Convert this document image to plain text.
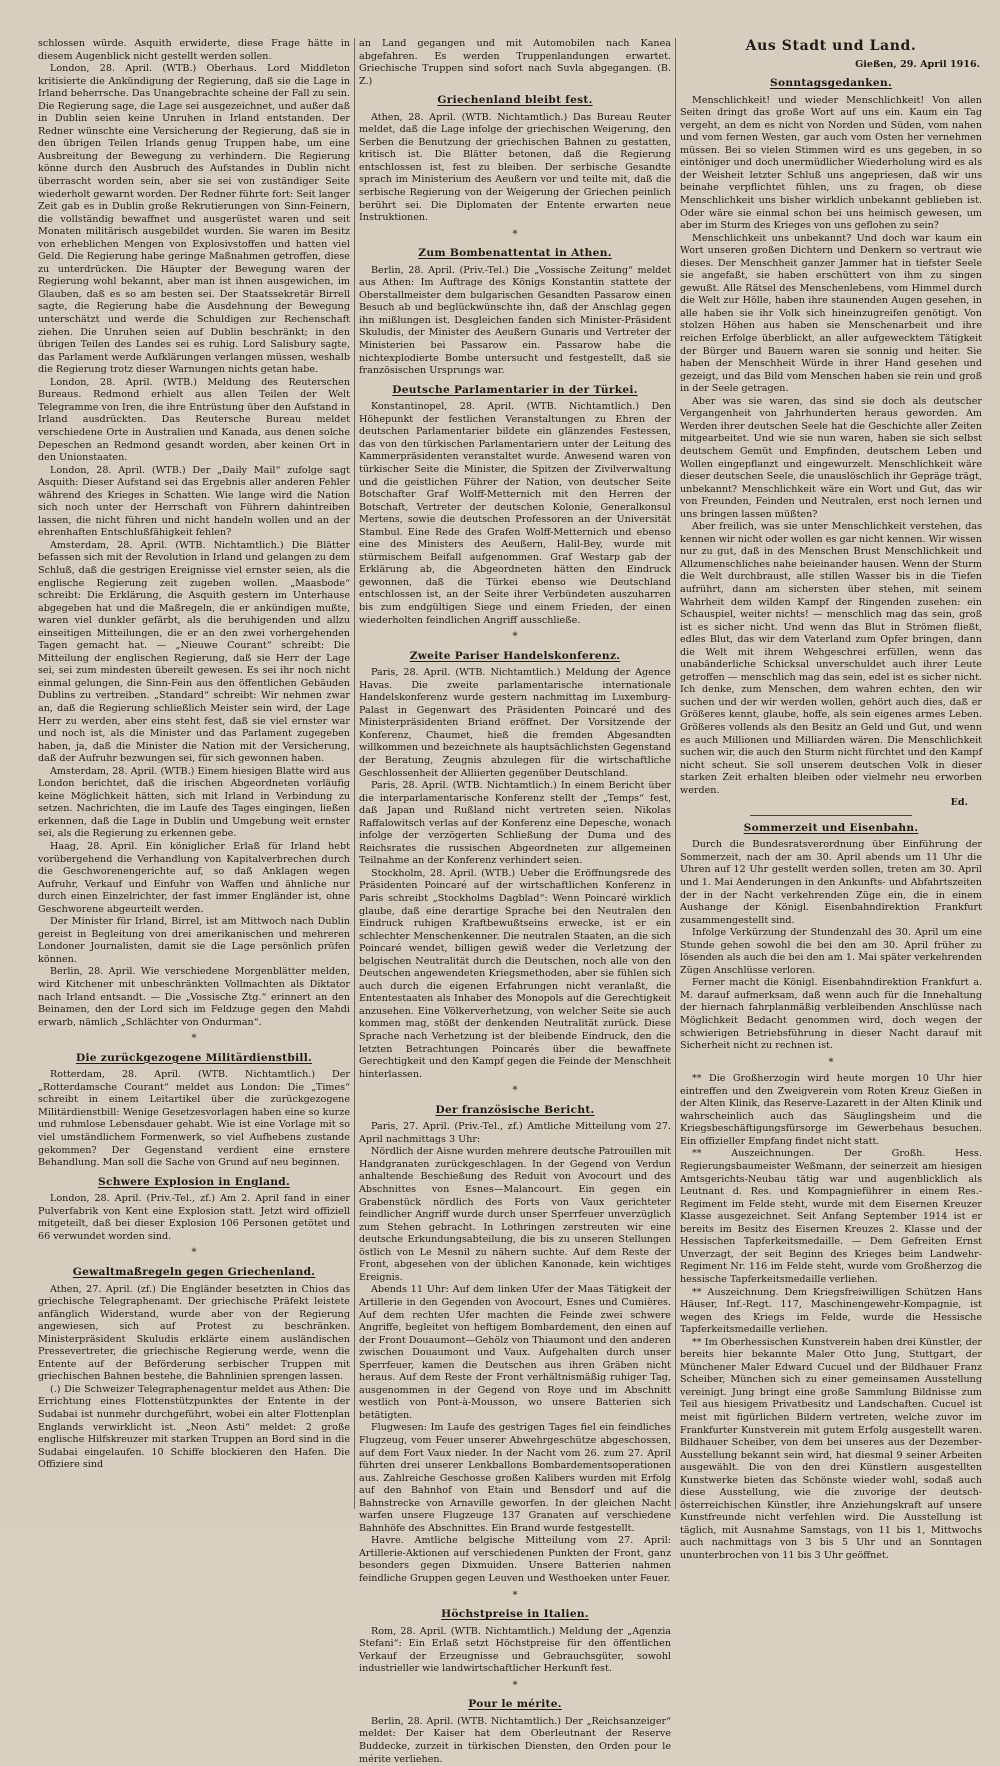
schlossen würde. Asquith erwiderte, diese Frage hätte in diesem Augenblick nicht gestellt werden sollen.

London, 28. April. (WTB.) Oberhaus. Lord Middleton kritisierte die Ankündigung der Regierung, daß sie die Lage in Irland beherrsche. Das Unangebrachte scheine der Fall zu sein. Die Regierung sage, die Lage sei ausgezeichnet, und außer daß in Dublin seien keine Unruhen in Irland entstanden. Der Redner wünschte eine Versicherung der Regierung, daß sie in den übrigen Teilen Irlands genug Truppen habe, um eine Ausbreitung der Bewegung zu verhindern. Die Regierung könne durch den Ausbruch des Aufstandes in Dublin nicht überrascht worden sein, aber sie sei von zuständiger Seite wiederholt gewarnt worden. Der Redner führte fort: Seit langer Zeit gab es in Dublin große Rekrutierungen von Sinn-Feinern, die vollständig bewaffnet und ausgerüstet waren und seit Monaten militärisch ausgebildet wurden. Sie waren im Besitz von erheblichen Mengen von Explosivstoffen und hatten viel Geld. Die Regierung habe geringe Maßnahmen getroffen, diese zu unterdrücken. Die Häupter der Bewegung waren der Regierung wohl bekannt, aber man ist ihnen ausgewichen, im Glauben, daß es so am besten sei. Der Staatssekretär Birrell sagte, die Regierung habe die Ausdehnung der Bewegung unterschätzt und werde die Schuldigen zur Rechenschaft ziehen. Die Unruhen seien auf Dublin beschränkt; in den übrigen Teilen des Landes sei es ruhig. Lord Salisbury sagte, das Parlament werde Aufklärungen verlangen müssen, weshalb die Regierung trotz dieser Warnungen nichts getan habe.

London, 28. April. (WTB.) Meldung des Reuterschen Bureaus. Redmond erhielt aus allen Teilen der Welt Telegramme von Iren, die ihre Entrüstung über den Aufstand in Irland ausdrückten. Das Reutersche Bureau meldet verschiedene Orte in Australien und Kanada, aus denen solche Depeschen an Redmond gesandt worden, aber keinen Ort in den Unionstaaten.

London, 28. April. (WTB.) Der „Daily Mail“ zufolge sagt Asquith: Dieser Aufstand sei das Ergebnis aller anderen Fehler während des Krieges in Schatten. Wie lange wird die Nation sich noch unter der Herrschaft von Führern dahintreiben lassen, die nicht führen und nicht handeln wollen und an der ehrenhaften Entschlußfähigkeit fehlen?

Amsterdam, 28. April. (WTB. Nichtamtlich.) Die Blätter befassen sich mit der Revolution in Irland und gelangen zu dem Schluß, daß die gestrigen Ereignisse viel ernster seien, als die englische Regierung zeit zugeben wollen. „Maasbode“ schreibt: Die Erklärung, die Asquith gestern im Unterhause abgegeben hat und die Maßregeln, die er ankündigen mußte, waren viel dunkler gefärbt, als die beruhigenden und allzu einseitigen Mitteilungen, die er an den zwei vorhergehenden Tagen gemacht hat. — „Nieuwe Courant“ schreibt: Die Mitteilung der englischen Regierung, daß sie Herr der Lage sei, sei zum mindesten übereilt gewesen. Es sei ihr noch nicht einmal gelungen, die Sinn-Fein aus den öffentlichen Gebäuden Dublins zu vertreiben. „Standard“ schreibt: Wir nehmen zwar an, daß die Regierung schließlich Meister sein wird, der Lage Herr zu werden, aber eins steht fest, daß sie viel ernster war und noch ist, als die Minister und das Parlament zugegeben haben, ja, daß die Minister die Nation mit der Versicherung, daß der Aufruhr bezwungen sei, für sich gewonnen haben.

Amsterdam, 28. April. (WTB.) Einem hiesigen Blatte wird aus London berichtet, daß die irischen Abgeordneten vorläufig keine Möglichkeit hätten, sich mit Irland in Verbindung zu setzen. Nachrichten, die im Laufe des Tages eingingen, ließen erkennen, daß die Lage in Dublin und Umgebung weit ernster sei, als die Regierung zu erkennen gebe.

Haag, 28. April. Ein königlicher Erlaß für Irland hebt vorübergehend die Verhandlung von Kapitalverbrechen durch die Geschworenengerichte auf, so daß Anklagen wegen Aufruhr, Verkauf und Einfuhr von Waffen und ähnliche nur durch einen Einzelrichter, der fast immer Engländer ist, ohne Geschworene abgeurteilt werden.

Der Minister für Irland, Birrel, ist am Mittwoch nach Dublin gereist in Begleitung von drei amerikanischen und mehreren Londoner Journalisten, damit sie die Lage persönlich prüfen können.

Berlin, 28. April. Wie verschiedene Morgenblätter melden, wird Kitchener mit unbeschränkten Vollmachten als Diktator nach Irland entsandt. — Die „Vossische Ztg.“ erinnert an den Beinamen, den der Lord sich im Feldzuge gegen den Mahdi erwarb, nämlich „Schlächter von Ondurman“.

*
Die zurückgezogene Militärdienstbill.

Rotterdam, 28. April. (WTB. Nichtamtlich.) Der „Rotterdamsche Courant“ meldet aus London: Die „Times“ schreibt in einem Leitartikel über die zurückgezogene Militärdienstbill: Wenige Gesetzesvorlagen haben eine so kurze und ruhmlose Lebensdauer gehabt. Wie ist eine Vorlage mit so viel umständlichem Formenwerk, so viel Aufhebens zustande gekommen? Der Gegenstand verdient eine ernstere Behandlung. Man soll die Sache von Grund auf neu beginnen.

Schwere Explosion in England.

London, 28. April. (Priv.-Tel., zf.) Am 2. April fand in einer Pulverfabrik von Kent eine Explosion statt. Jetzt wird offiziell mitgeteilt, daß bei dieser Explosion 106 Personen getötet und 66 verwundet worden sind.

*
Gewaltmaßregeln gegen Griechenland.

Athen, 27. April. (zf.) Die Engländer besetzten in Chios das griechische Telegraphenamt. Der griechische Präfekt leistete anfänglich Widerstand, wurde aber von der Regierung angewiesen, sich auf Protest zu beschränken. Ministerpräsident Skuludis erklärte einem ausländischen Pressevertreter, die griechische Regierung werde, wenn die Entente auf der Beförderung serbischer Truppen mit griechischen Bahnen bestehe, die Bahnlinien sprengen lassen.

(.) Die Schweizer Telegraphenagentur meldet aus Athen: Die Errichtung eines Flottenstützpunktes der Entente in der Sudabai ist nunmehr durchgeführt, wobei ein alter Flottenplan Englands verwirklicht ist. „Neon Asti“ meldet: 2 große englische Hilfskreuzer mit starken Truppen an Bord sind in die Sudabai eingelaufen. 10 Schiffe blockieren den Hafen. Die Offiziere sind

an Land gegangen und mit Automobilen nach Kanea abgefahren. Es werden Truppenlandungen erwartet. Griechische Truppen sind sofort nach Suvla abgegangen. (B. Z.)

Griechenland bleibt fest.

Athen, 28. April. (WTB. Nichtamtlich.) Das Bureau Reuter meldet, daß die Lage infolge der griechischen Weigerung, den Serben die Benutzung der griechischen Bahnen zu gestatten, kritisch ist. Die Blätter betonen, daß die Regierung entschlossen ist, fest zu bleiben. Der serbische Gesandte sprach im Ministerium des Aeußern vor und teilte mit, daß die serbische Regierung von der Weigerung der Griechen peinlich berührt sei. Die Diplomaten der Entente erwarten neue Instruktionen.

*
Zum Bombenattentat in Athen.

Berlin, 28. April. (Priv.-Tel.) Die „Vossische Zeitung“ meldet aus Athen: Im Auftrage des Königs Konstantin stattete der Oberstallmeister dem bulgarischen Gesandten Passarow einen Besuch ab und beglückwünschte ihn, daß der Anschlag gegen ihn mißlungen ist. Desgleichen fanden sich Minister-Präsident Skuludis, der Minister des Aeußern Gunaris und Vertreter der Ministerien bei Passarow ein. Passarow habe die nichtexplodierte Bombe untersucht und festgestellt, daß sie französischen Ursprungs war.

Deutsche Parlamentarier in der Türkei.

Konstantinopel, 28. April. (WTB. Nichtamtlich.) Den Höhepunkt der festlichen Veranstaltungen zu Ehren der deutschen Parlamentarier bildete ein glänzendes Festessen, das von den türkischen Parlamentariern unter der Leitung des Kammerpräsidenten veranstaltet wurde. Anwesend waren von türkischer Seite die Minister, die Spitzen der Zivilverwaltung und die geistlichen Führer der Nation, von deutscher Seite Botschafter Graf Wolff-Metternich mit den Herren der Botschaft, Vertreter der deutschen Kolonie, Generalkonsul Mertens, sowie die deutschen Professoren an der Universität Stambul. Eine Rede des Grafen Wolff-Metternich und ebenso eine des Ministers des Aeußern, Halil-Bey, wurde mit stürmischem Beifall aufgenommen. Graf Westarp gab der Erklärung ab, die Abgeordneten hätten den Eindruck gewonnen, daß die Türkei ebenso wie Deutschland entschlossen ist, an der Seite ihrer Verbündeten auszuharren bis zum endgültigen Siege und einem Frieden, der einen wiederholten feindlichen Angriff ausschließe.

*
Zweite Pariser Handelskonferenz.

Paris, 28. April. (WTB. Nichtamtlich.) Meldung der Agence Havas. Die zweite parlamentarische internationale Handelskonferenz wurde gestern nachmittag im Luxemburg-Palast in Gegenwart des Präsidenten Poincaré und des Ministerpräsidenten Briand eröffnet. Der Vorsitzende der Konferenz, Chaumet, hieß die fremden Abgesandten willkommen und bezeichnete als hauptsächlichsten Gegenstand der Beratung, Zeugnis abzulegen für die wirtschaftliche Geschlossenheit der Alliierten gegenüber Deutschland.

Paris, 28. April. (WTB. Nichtamtlich.) In einem Bericht über die interparlamentarische Konferenz stellt der „Temps“ fest, daß Japan und Rußland nicht vertreten seien. Nikolas Raffalowitsch verlas auf der Konferenz eine Depesche, wonach infolge der verzögerten Schließung der Duma und des Reichsrates die russischen Abgeordneten zur allgemeinen Teilnahme an der Konferenz verhindert seien.

Stockholm, 28. April. (WTB.) Ueber die Eröffnungsrede des Präsidenten Poincaré auf der wirtschaftlichen Konferenz in Paris schreibt „Stockholms Dagblad“: Wenn Poincaré wirklich glaube, daß eine derartige Sprache bei den Neutralen den Eindruck ruhigen Kraftbewußtseins erwecke, ist er ein schlechter Menschenkenner. Die neutralen Staaten, an die sich Poincaré wendet, billigen gewiß weder die Verletzung der belgischen Neutralität durch die Deutschen, noch alle von den Deutschen angewendeten Kriegsmethoden, aber sie fühlen sich auch durch die eigenen Erfahrungen nicht veranlaßt, die Ententestaaten als Inhaber des Monopols auf die Gerechtigkeit anzusehen. Eine Völkerverhetzung, von welcher Seite sie auch kommen mag, stößt der denkenden Neutralität zurück. Diese Sprache nach Verhetzung ist der bleibende Eindruck, den die letzten Betrachtungen Poincarés über die bewaffnete Gerechtigkeit und den Kampf gegen die Feinde der Menschheit hinterlassen.

*
Der französische Bericht.

Paris, 27. April. (Priv.-Tel., zf.) Amtliche Mitteilung vom 27. April nachmittags 3 Uhr:

Nördlich der Aisne wurden mehrere deutsche Patrouillen mit Handgranaten zurückgeschlagen. In der Gegend von Verdun anhaltende Beschießung des Reduit von Avocourt und des Abschnittes von Esnes—Malancourt. Ein gegen ein Grabenstück nördlich des Forts von Vaux gerichteter feindlicher Angriff wurde durch unser Sperrfeuer unverzüglich zum Stehen gebracht. In Lothringen zerstreuten wir eine deutsche Erkundungsabteilung, die bis zu unseren Stellungen östlich von Le Mesnil zu nähern suchte. Auf dem Reste der Front, abgesehen von der üblichen Kanonade, kein wichtiges Ereignis.

Abends 11 Uhr: Auf dem linken Ufer der Maas Tätigkeit der Artillerie in den Gegenden von Avocourt, Esnes und Cumières. Auf dem rechten Ufer machten die Feinde zwei schwere Angriffe, begleitet von heftigem Bombardement, den einen auf der Front Douaumont—Gehölz von Thiaumont und den anderen zwischen Douaumont und Vaux. Aufgehalten durch unser Sperrfeuer, kamen die Deutschen aus ihren Gräben nicht heraus. Auf dem Reste der Front verhältnismäßig ruhiger Tag, ausgenommen in der Gegend von Roye und im Abschnitt westlich von Pont-à-Mousson, wo unsere Batterien sich betätigten.

Flugwesen: Im Laufe des gestrigen Tages fiel ein feindliches Flugzeug, vom Feuer unserer Abwehrgeschütze abgeschossen, auf dem Fort Vaux nieder. In der Nacht vom 26. zum 27. April führten drei unserer Lenkballons Bombardementsoperationen aus. Zahlreiche Geschosse großen Kalibers wurden mit Erfolg auf den Bahnhof von Etain und Bensdorf und auf die Bahnstrecke von Arnaville geworfen. In der gleichen Nacht warfen unsere Flugzeuge 137 Granaten auf verschiedene Bahnhöfe des Abschnittes. Ein Brand wurde festgestellt.

Havre. Amtliche belgische Mitteilung vom 27. April: Artillerie-Aktionen auf verschiedenen Punkten der Front, ganz besonders gegen Dixmuiden. Unsere Batterien nahmen feindliche Gruppen gegen Leuven und Westhoeken unter Feuer.

*
Höchstpreise in Italien.

Rom, 28. April. (WTB. Nichtamtlich.) Meldung der „Agenzia Stefani“: Ein Erlaß setzt Höchstpreise für den öffentlichen Verkauf der Erzeugnisse und Gebrauchsgüter, sowohl industrieller wie landwirtschaftlicher Herkunft fest.

*
Pour le mérite.

Berlin, 28. April. (WTB. Nichtamtlich.) Der „Reichsanzeiger“ meldet: Der Kaiser hat dem Oberleutnant der Reserve Buddecke, zurzeit in türkischen Diensten, den Orden pour le mérite verliehen.

Aus Stadt und Land.
Gießen, 29. April 1916.
Sonntagsgedanken.

Menschlichkeit! und wieder Menschlichkeit! Von allen Seiten dringt das große Wort auf uns ein. Kaum ein Tag vergeht, an dem es nicht von Norden und Süden, vom nahen und vom fernen Westen, gar auch vom Osten her vernehmen müssen. Bei so vielen Stimmen wird es uns gegeben, in so eintöniger und doch unermüdlicher Wiederholung wird es als der Weisheit letzter Schluß uns angepriesen, daß wir uns beinahe verpflichtet fühlen, uns zu fragen, ob diese Menschlichkeit uns bisher wirklich unbekannt geblieben ist. Oder wäre sie einmal schon bei uns heimisch gewesen, um aber im Sturm des Krieges von uns geflohen zu sein?

Menschlichkeit uns unbekannt? Und doch war kaum ein Wort unseren großen Dichtern und Denkern so vertraut wie dieses. Der Menschheit ganzer Jammer hat in tiefster Seele sie angefaßt, sie haben erschüttert von ihm zu singen gewußt. Alle Rätsel des Menschenlebens, vom Himmel durch die Welt zur Hölle, haben ihre staunenden Augen gesehen, in alle haben sie ihr Volk sich hineinzugreifen genötigt. Von stolzen Höhen aus haben sie Menschenarbeit und ihre reichen Erfolge überblickt, an aller aufgewecktem Tätigkeit der Bürger und Bauern waren sie sonnig und heiter. Sie haben der Menschheit Würde in ihrer Hand gesehen und gezeigt, und das Bild vom Menschen haben sie rein und groß in der Seele getragen.

Aber was sie waren, das sind sie doch als deutscher Vergangenheit von Jahrhunderten heraus geworden. Am Werden ihrer deutschen Seele hat die Geschichte aller Zeiten mitgearbeitet. Und wie sie nun waren, haben sie sich selbst deutschem Gemüt und Empfinden, deutschem Leben und Wollen eingepflanzt und eingewurzelt. Menschlichkeit wäre dieser deutschen Seele, die unauslöschlich ihr Gepräge trägt, unbekannt? Menschlichkeit wäre ein Wort und Gut, das wir von Freunden, Feinden und Neutralen, erst noch lernen und uns bringen lassen müßten?

Aber freilich, was sie unter Menschlichkeit verstehen, das kennen wir nicht oder wollen es gar nicht kennen. Wir wissen nur zu gut, daß in des Menschen Brust Menschlichkeit und Allzumenschliches nahe beieinander hausen. Wenn der Sturm die Welt durchbraust, alle stillen Wasser bis in die Tiefen aufrührt, dann am sichersten über stehen, mit seinem Wahrheit dem wilden Kampf der Ringenden zusehen: ein Schauspiel, weiter nichts! — menschlich mag das sein, groß ist es sicher nicht. Und wenn das Blut in Strömen fließt, edles Blut, das wir dem Vaterland zum Opfer bringen, dann die Welt mit ihrem Wehgeschrei erfüllen, wenn das unabänderliche Schicksal unverschuldet auch ihrer Leute getroffen — menschlich mag das sein, edel ist es sicher nicht. Ich denke, zum Menschen, dem wahren echten, den wir suchen und der wir werden wollen, gehört auch dies, daß er Größeres kennt, glaube, hoffe, als sein eigenes armes Leben. Größeres vollends als den Besitz an Geld und Gut, und wenn es auch Millionen und Milliarden wären. Die Menschlichkeit suchen wir, die auch den Sturm nicht fürchtet und den Kampf nicht scheut. Sie soll unserem deutschen Volk in dieser starken Zeit erhalten bleiben oder vielmehr neu erworben werden.

Ed.
Sommerzeit und Eisenbahn.

Durch die Bundesratsverordnung über Einführung der Sommerzeit, nach der am 30. April abends um 11 Uhr die Uhren auf 12 Uhr gestellt werden sollen, treten am 30. April und 1. Mai Aenderungen in den Ankunfts- und Abfahrtszeiten der in der Nacht verkehrenden Züge ein, die in einem Aushange der Königl. Eisenbahndirektion Frankfurt zusammengestellt sind.

Infolge Verkürzung der Stundenzahl des 30. April um eine Stunde gehen sowohl die bei den am 30. April früher zu lösenden als auch die bei den am 1. Mai später verkehrenden Zügen Anschlüsse verloren.

Ferner macht die Königl. Eisenbahndirektion Frankfurt a. M. darauf aufmerksam, daß wenn auch für die Innehaltung der hiernach fahrplanmäßig verbleibenden Anschlüsse nach Möglichkeit Bedacht genommen wird, doch wegen der schwierigen Betriebsführung in dieser Nacht darauf mit Sicherheit nicht zu rechnen ist.

*

** Die Großherzogin wird heute morgen 10 Uhr hier eintreffen und den Zweigverein vom Roten Kreuz Gießen in der Alten Klinik, das Reserve-Lazarett in der Alten Klinik und wahrscheinlich auch das Säuglingsheim und die Kriegsbeschäftigungsfürsorge im Gewerbehaus besuchen. Ein offizieller Empfang findet nicht statt.

** Auszeichnungen. Der Großh. Hess. Regierungsbaumeister Weßmann, der seinerzeit am hiesigen Amtsgerichts-Neubau tätig war und augenblicklich als Leutnant d. Res. und Kompagnieführer in einem Res.-Regiment im Felde steht, wurde mit dem Eisernen Kreuzer Klasse ausgezeichnet. Seit Anfang September 1914 ist er bereits im Besitz des Eisernen Kreuzes 2. Klasse und der Hessischen Tapferkeitsmedaille. — Dem Gefreiten Ernst Unverzagt, der seit Beginn des Krieges beim Landwehr-Regiment Nr. 116 im Felde steht, wurde vom Großherzog die hessische Tapferkeitsmedaille verliehen.

** Auszeichnung. Dem Kriegsfreiwilligen Schützen Hans Häuser, Inf.-Regt. 117, Maschinengewehr-Kompagnie, ist wegen des Kriegs im Felde, wurde die Hessische Tapferkeitsmedaille verliehen.

** Im Oberhessischen Kunstverein haben drei Künstler, der bereits hier bekannte Maler Otto Jung, Stuttgart, der Münchener Maler Edward Cucuel und der Bildhauer Franz Scheiber, München sich zu einer gemeinsamen Ausstellung vereinigt. Jung bringt eine große Sammlung Bildnisse zum Teil aus hiesigem Privatbesitz und Landschaften. Cucuel ist meist mit figürlichen Bildern vertreten, welche zuvor im Frankfurter Kunstverein mit gutem Erfolg ausgestellt waren. Bildhauer Scheiber, von dem bei unseres aus der Dezember-Ausstellung bekannt sein wird, hat diesmal 9 seiner Arbeiten ausgewählt. Die von den drei Künstlern ausgestellten Kunstwerke bieten das Schönste wieder wohl, sodaß auch diese Ausstellung, wie die zuvorige der deutsch-österreichischen Künstler, ihre Anziehungskraft auf unsere Kunstfreunde nicht verfehlen wird. Die Ausstellung ist täglich, mit Ausnahme Samstags, von 11 bis 1, Mittwochs auch nachmittags von 3 bis 5 Uhr und an Sonntagen ununterbrochen von 11 bis 3 Uhr geöffnet.
